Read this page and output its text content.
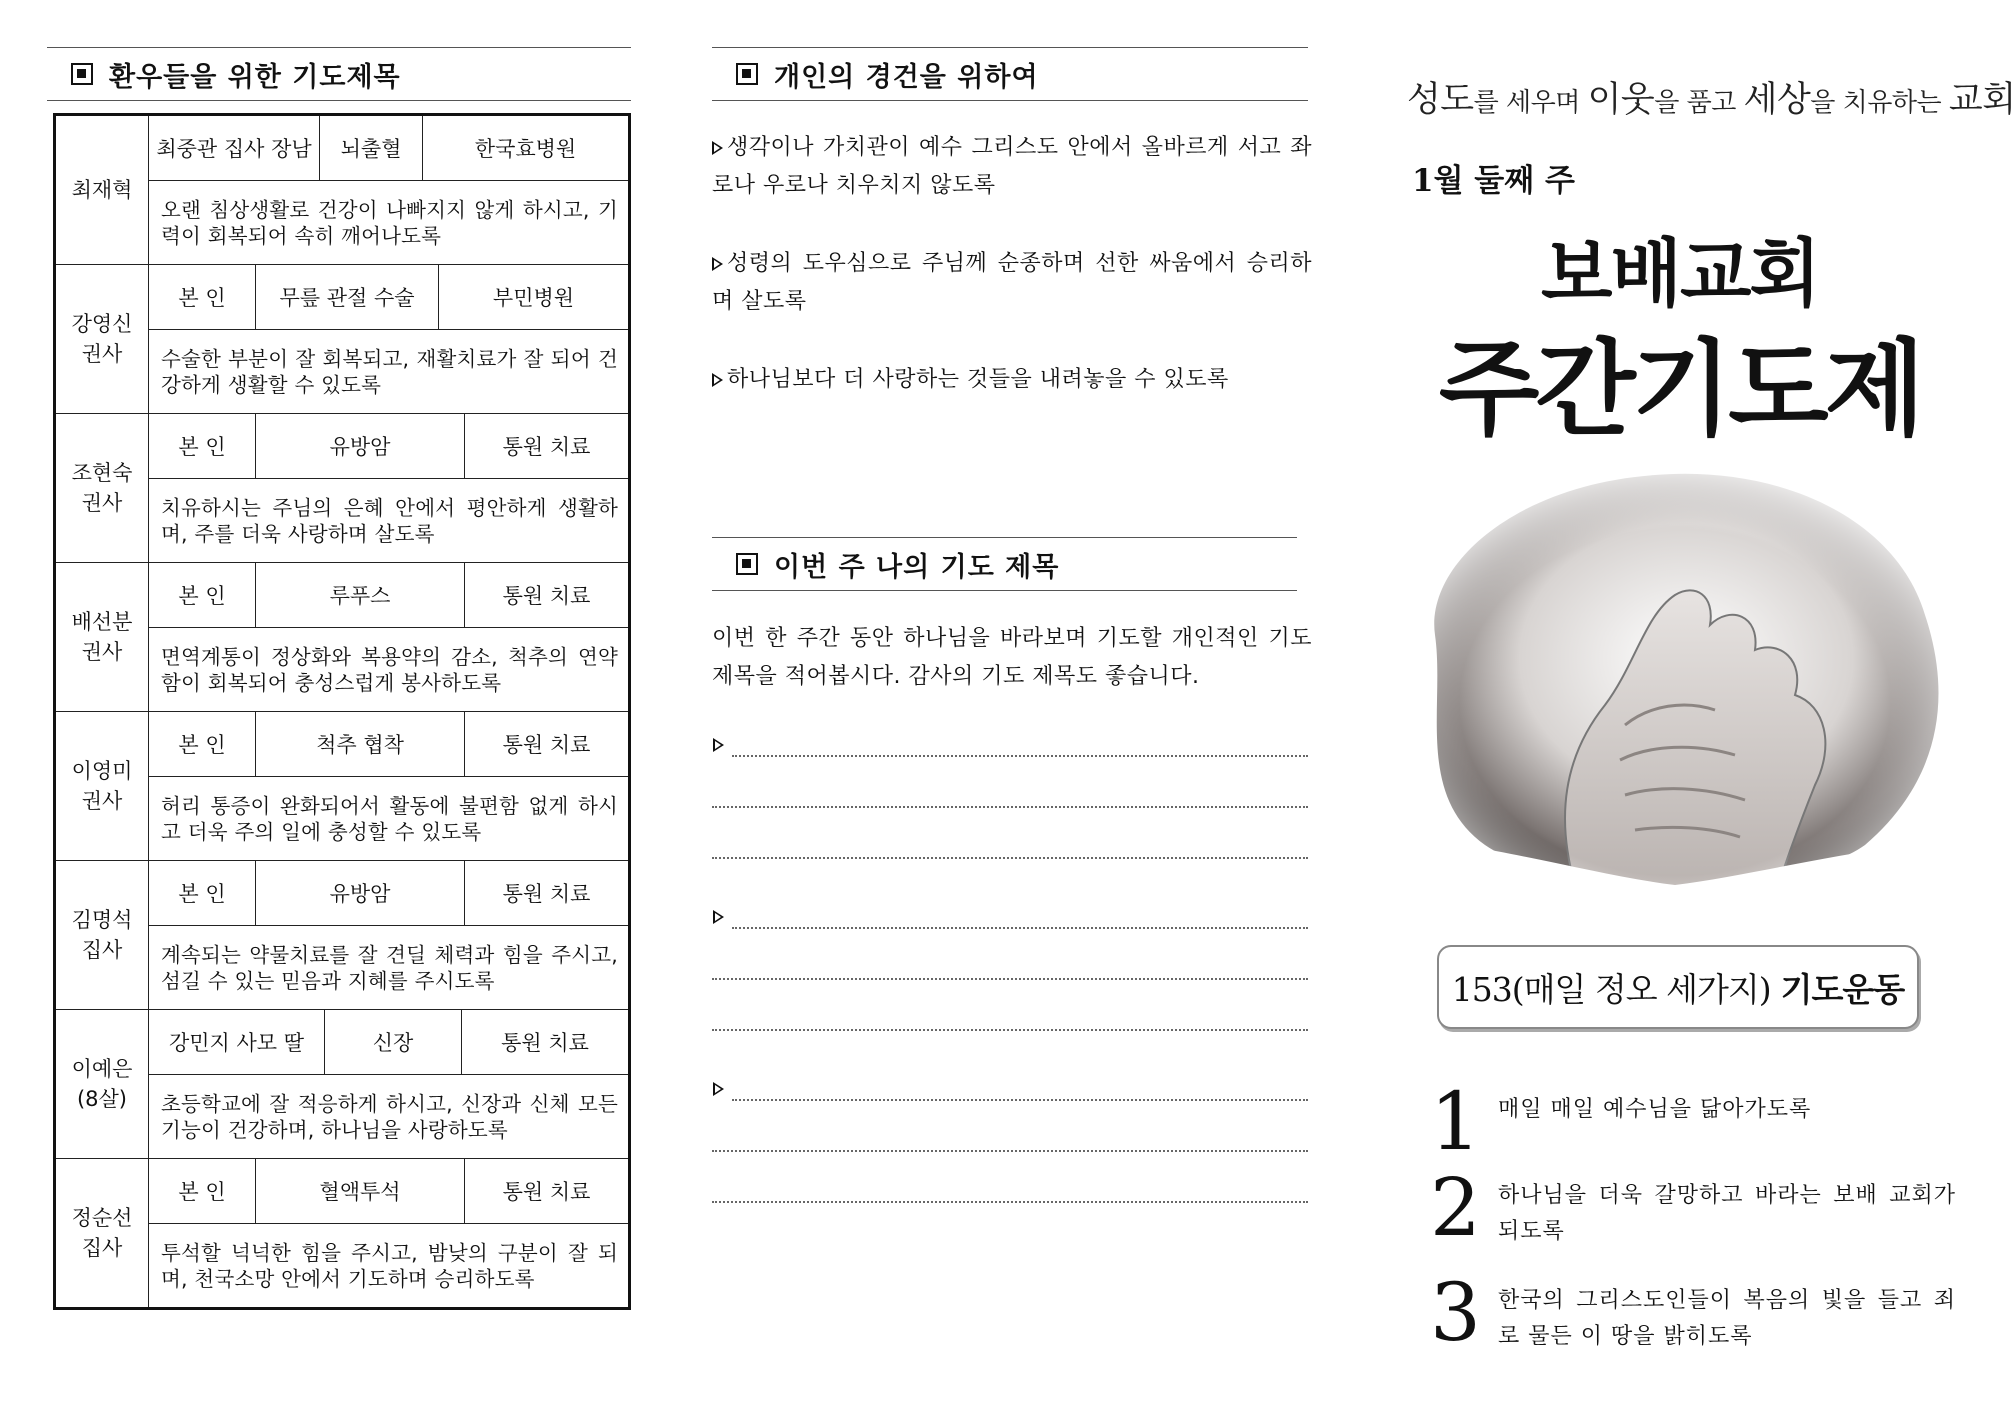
환우들을 위한 기도제목
최재혁

최중관 집사 장남	뇌출혈	한국효병원
오랜 침상생활로 건강이 나빠지지 않게 하시고, 기력이 회복되어 속히 깨어나도록

강영신
권사

본 인	무릎 관절 수술	부민병원
수술한 부분이 잘 회복되고, 재활치료가 잘 되어 건강하게 생활할 수 있도록

조현숙
권사

본 인	유방암	통원 치료
치유하시는 주님의 은혜 안에서 평안하게 생활하며, 주를 더욱 사랑하며 살도록

배선분
권사

본 인	루푸스	통원 치료
면역계통이 정상화와 복용약의 감소, 척추의 연약함이 회복되어 충성스럽게 봉사하도록

이영미
권사

본 인	척추 협착	통원 치료
허리 통증이 완화되어서 활동에 불편함 없게 하시고 더욱 주의 일에 충성할 수 있도록

김명석
집사

본 인	유방암	통원 치료
계속되는 약물치료를 잘 견딜 체력과 힘을 주시고, 섬길 수 있는 믿음과 지혜를 주시도록

이예은
(8살)

강민지 사모 딸	신장	통원 치료
초등학교에 잘 적응하게 하시고, 신장과 신체 모든 기능이 건강하며, 하나님을 사랑하도록

정순선
집사

본 인	혈액투석	통원 치료
투석할 넉넉한 힘을 주시고, 밤낮의 구분이 잘 되며, 천국소망 안에서 기도하며 승리하도록
개인의 경건을 위하여
생각이나 가치관이 예수 그리스도 안에서 올바르게 서고 좌로나 우로나 치우치지 않도록
성령의 도우심으로 주님께 순종하며 선한 싸움에서 승리하며 살도록
하나님보다 더 사랑하는 것들을 내려놓을 수 있도록
이번 주 나의 기도 제목
이번 한 주간 동안 하나님을 바라보며 기도할 개인적인 기도 제목을 적어봅시다. 감사의 기도 제목도 좋습니다.
성도를 세우며 이웃을 품고 세상을 치유하는 교회
1월 둘째 주
보배교회
주간기도제
153(매일 정오 세가지) 기도운동
1 매일 매일 예수님을 닮아가도록
2 하나님을 더욱 갈망하고 바라는 보배 교회가 되도록
3 한국의 그리스도인들이 복음의 빛을 들고 죄로 물든 이 땅을 밝히도록
